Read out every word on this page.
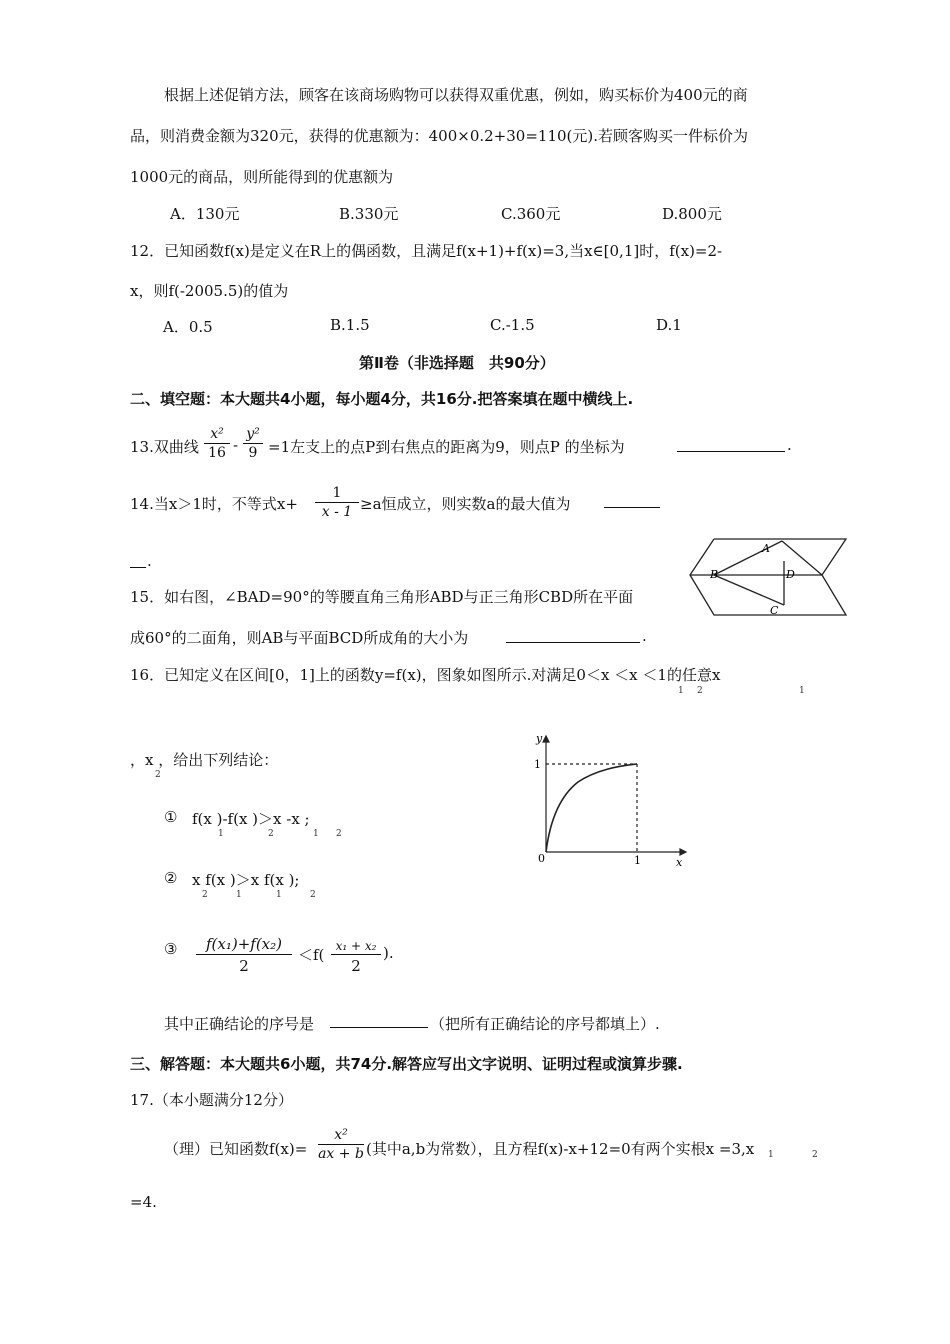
根据上述促销方法，顾客在该商场购物可以获得双重优惠，例如，购买标价为400元的商
品，则消费金额为320元，获得的优惠额为：400×0.2+30=110(元).若顾客购买一件标价为
1000元的商品，则所能得到的优惠额为
A．130元	B.330元	C.360元	D.800元
12．已知函数f(x)是定义在R上的偶函数，且满足f(x+1)+f(x)=3,当x∈[0,1]时，f(x)=2-
x，则f(-2005.5)的值为
A．0.5	B.1.5	C.-1.5	D.1
第Ⅱ卷（非选择题　共90分）
二、填空题：本大题共4小题，每小题4分，共16分.把答案填在题中横线上.
13.双曲线 $\frac{\text{x²}}{16} - \frac{\text{y²}}{9} =1$左支上的点P到右焦点的距离为9，则点P 的坐标为	.
14.当x＞1时，不等式$x+ \frac{1}{x - 1} \ge a$恒成立，则实数a的最大值为
.
A
B	D
C
15．如右图，∠BAD=90°的等腰直角三角形ABD与正三角形CBD所在平面
成60°的二面角，则AB与平面BCD所成角的大小为	.
16．已知定义在区间[0，1]上的函数y=f(x)，图象如图所示.对满足0＜x ＜x ＜1的任意x
1 2	1
，x ，给出下列结论：
2
y
x
0
1
1
① f(x )-f(x )＞x -x ;
1	2	1 2
② x f(x )＞x f(x );
2	1	1	2
③ $\frac{\text{f(x₁)+f(x₂)}}{2} <f$( x₁ + x₂
2
).
其中正确结论的序号是	（把所有正确结论的序号都填上）.
三、解答题：本大题共6小题，共74分.解答应写出文字说明、证明过程或演算步骤.
17.（本小题满分12分）
（理）已知函数$f(x)= \frac{\text{x²}}{ax + b}$ (其中a,b为常数），且方程f(x)-x+12=0有两个实根x =3,x 1	2
=4.
